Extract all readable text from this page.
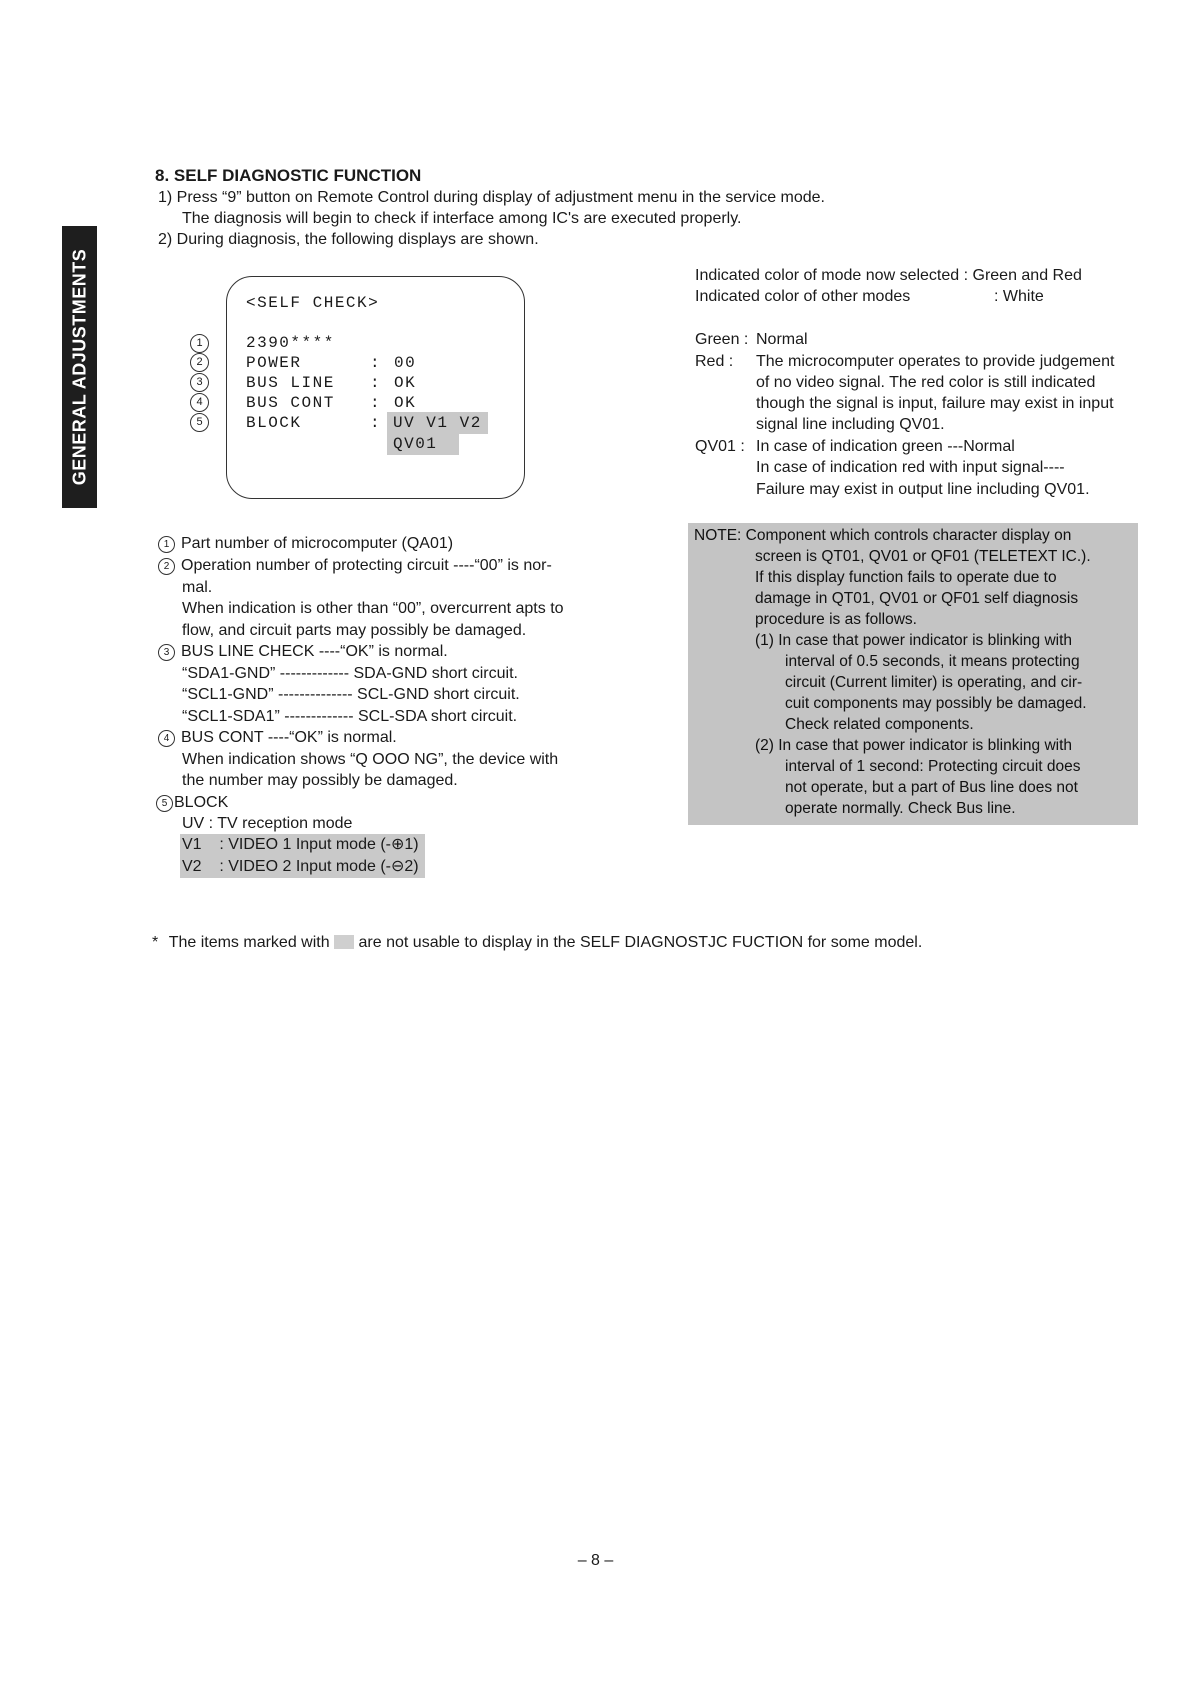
GENERAL ADJUSTMENTS
8. SELF DIAGNOSTIC FUNCTION
1) Press “9” button on Remote Control during display of adjustment menu in the service mode.
The diagnosis will begin to check if interface among IC's are executed properly.
2) During diagnosis, the following displays are shown.
<SELF CHECK>
1
2
3
4
5
2390****
POWER	: 00
BUS LINE : OK
BUS CONT : OK
BLOCK	: UV V1 V2
QV01
Indicated color of mode now selected : Green and Red
Indicated color of other modes	: White
Green : Normal
Red : The microcomputer operates to provide judgement
of no video signal. The red color is still indicated
though the signal is input, failure may exist in input
signal line including QV01.
QV01 : In case of indication green ---Normal
In case of indication red with input signal----
Failure may exist in output line including QV01.
1 Part number of microcomputer (QA01)
2 Operation number of protecting circuit ----“00” is nor-
mal.
When indication is other than “00”, overcurrent apts to
flow, and circuit parts may possibly be damaged.
3 BUS LINE CHECK ----“OK” is normal.
“SDA1-GND” ------------- SDA-GND short circuit.
“SCL1-GND” -------------- SCL-GND short circuit.
“SCL1-SDA1” ------------- SCL-SDA short circuit.
4 BUS CONT ----“OK” is normal.
When indication shows “Q OOO NG”, the device with
the number may possibly be damaged.
5 BLOCK
UV : TV reception mode
V1    : VIDEO 1 Input mode (-⊕1)
V2    : VIDEO 2 Input mode (-⊖2)
NOTE: Component which controls character display on
screen is QT01, QV01 or QF01 (TELETEXT IC.).
If this display function fails to operate due to
damage in QT01, QV01 or QF01 self diagnosis
procedure is as follows.
(1) In case that power indicator is blinking with
interval of 0.5 seconds, it means protecting
circuit (Current limiter) is operating, and cir-
cuit components may possibly be damaged.
Check related components.
(2) In case that power indicator is blinking with
interval of 1 second: Protecting circuit does
not operate, but a part of Bus line does not
operate normally. Check Bus line.
* The items marked with are not usable to display in the SELF DIAGNOSTJC FUCTION for some model.
– 8 –
